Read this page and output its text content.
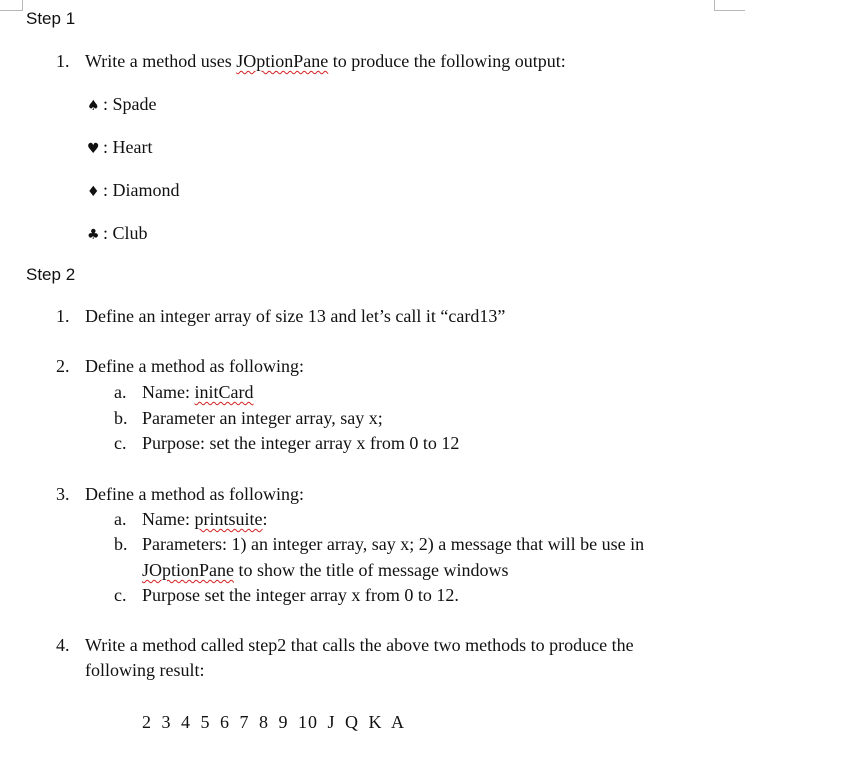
Step 1
1. Write a method uses JOptionPane to produce the following output:
♠ : Spade
♥ : Heart
♦ : Diamond
♣ : Club
Step 2
1. Define an integer array of size 13 and let’s call it “card13”
2. Define a method as following:
a. Name: initCard
b. Parameter an integer array, say x;
c. Purpose: set the integer array x from 0 to 12
3. Define a method as following:
a. Name: printsuite:
b. Parameters: 1) an integer array, say x; 2) a message that will be use in
JOptionPane to show the title of message windows
c. Purpose set the integer array x from 0 to 12.
4. Write a method called step2 that calls the above two methods to produce the
following result:
2 3 4 5 6 7 8 9 10 J Q K A
